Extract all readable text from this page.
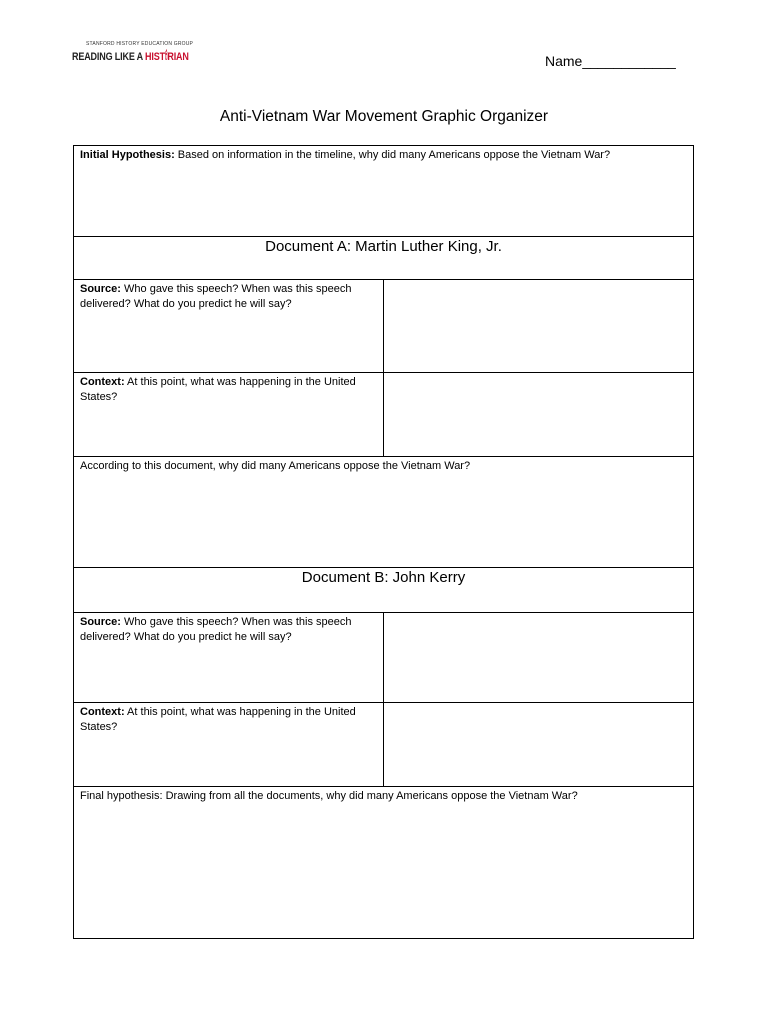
STANFORD HISTORY EDUCATION GROUP
READING LIKE A HIST🕯︎RIAN	Name____________
Anti-Vietnam War Movement Graphic Organizer
Initial Hypothesis: Based on information in the timeline, why did many Americans oppose the Vietnam War?	
Document A: Martin Luther King, Jr.	
Source: Who gave this speech? When was this speech delivered? What do you predict he will say?	
Context: At this point, what was happening in the United States?	
According to this document, why did many Americans oppose the Vietnam War?	
Document B: John Kerry	
Source: Who gave this speech? When was this speech delivered? What do you predict he will say?	
Context: At this point, what was happening in the United States?	
Final hypothesis: Drawing from all the documents, why did many Americans oppose the Vietnam War?	
